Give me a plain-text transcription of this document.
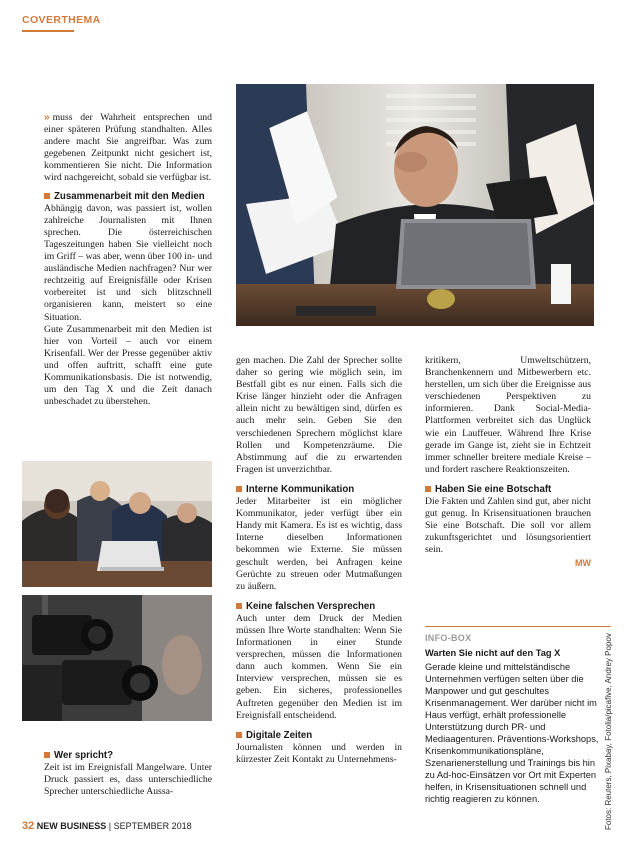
COVERTHEMA

» muss der Wahrheit entsprechen und einer späteren Prüfung standhalten. Alles andere macht Sie angreifbar. Was zum gegebenen Zeitpunkt nicht gesichert ist, kommentieren Sie nicht. Die Information wird nachgereicht, sobald sie verfügbar ist.

Zusammenarbeit mit den Medien

Abhängig davon, was passiert ist, wollen zahlreiche Journalisten mit Ihnen sprechen. Die österreichischen Tageszeitungen haben Sie vielleicht noch im Griff – was aber, wenn über 100 in- und ausländische Medien nachfragen? Nur wer rechtzeitig auf Ereignisfälle oder Krisen vorbereitet ist und sich blitzschnell organisieren kann, meistert so eine Situation.

Gute Zusammenarbeit mit den Medien ist hier von Vorteil – auch vor einem Krisenfall. Wer der Presse gegenüber aktiv und offen auftritt, schafft eine gute Kommunikationsbasis. Die ist notwendig, um den Tag X und die Zeit danach unbeschadet zu überstehen.

Wer spricht?

Zeit ist im Ereignisfall Mangelware. Unter Druck passiert es, dass unterschiedliche Sprecher unterschiedliche Aussa-

gen machen. Die Zahl der Sprecher sollte daher so gering wie möglich sein, im Bestfall gibt es nur einen. Falls sich die Krise länger hinzieht oder die Anfragen allein nicht zu bewältigen sind, dürfen es auch mehr sein. Geben Sie den verschiedenen Sprechern möglichst klare Rollen und Kompetenzräume. Die Abstimmung auf die zu erwartenden Fragen ist unverzichtbar.

Interne Kommunikation

Jeder Mitarbeiter ist ein möglicher Kommunikator, jeder verfügt über ein Handy mit Kamera. Es ist es wichtig, dass Interne dieselben Informationen bekommen wie Externe. Sie müssen geschult werden, bei Anfragen keine Gerüchte zu streuen oder Mutmaßungen zu äußern.

Keine falschen Versprechen

Auch unter dem Druck der Medien müssen Ihre Worte standhalten: Wenn Sie Informationen in einer Stunde versprechen, müssen die Informationen dann auch kommen. Wenn Sie ein Interview versprechen, müssen sie es geben. Ein sicheres, professionelles Auftreten gegenüber den Medien ist im Ereignisfall entscheidend.

Digitale Zeiten

Journalisten können und werden in kürzester Zeit Kontakt zu Unternehmens-

kritikern, Umweltschützern, Branchenkennern und Mitbewerbern etc. herstellen, um sich über die Ereignisse aus verschiedenen Perspektiven zu informieren. Dank Social-Media-Plattformen verbreitet sich das Unglück wie ein Lauffeuer. Während Ihre Krise gerade im Gange ist, zieht sie in Echtzeit immer schneller breitere mediale Kreise – und fordert raschere Reaktionszeiten.

Haben Sie eine Botschaft

Die Fakten und Zahlen sind gut, aber nicht gut genug. In Krisensituationen brauchen Sie eine Botschaft. Die soll vor allem zukunftsgerichtet und lösungsorientiert sein.

MW

INFO-BOX

Warten Sie nicht auf den Tag X

Gerade kleine und mittelständische Unternehmen verfügen selten über die Manpower und gut geschultes Krisenmanagement. Wer darüber nicht im Haus verfügt, erhält professionelle Unterstützung durch PR- und Mediaagenturen. Präventions-Workshops, Krisenkommunikationspläne, Szenarienerstellung und Trainings bis hin zu Ad-hoc-Einsätzen vor Ort mit Experten helfen, in Krisensituationen schnell und richtig reagieren zu können.	Fotos: Reuters, Pixabay, Fotolia/picafive, Andrey Popov
32 NEW BUSINESS | SEPTEMBER 2018
